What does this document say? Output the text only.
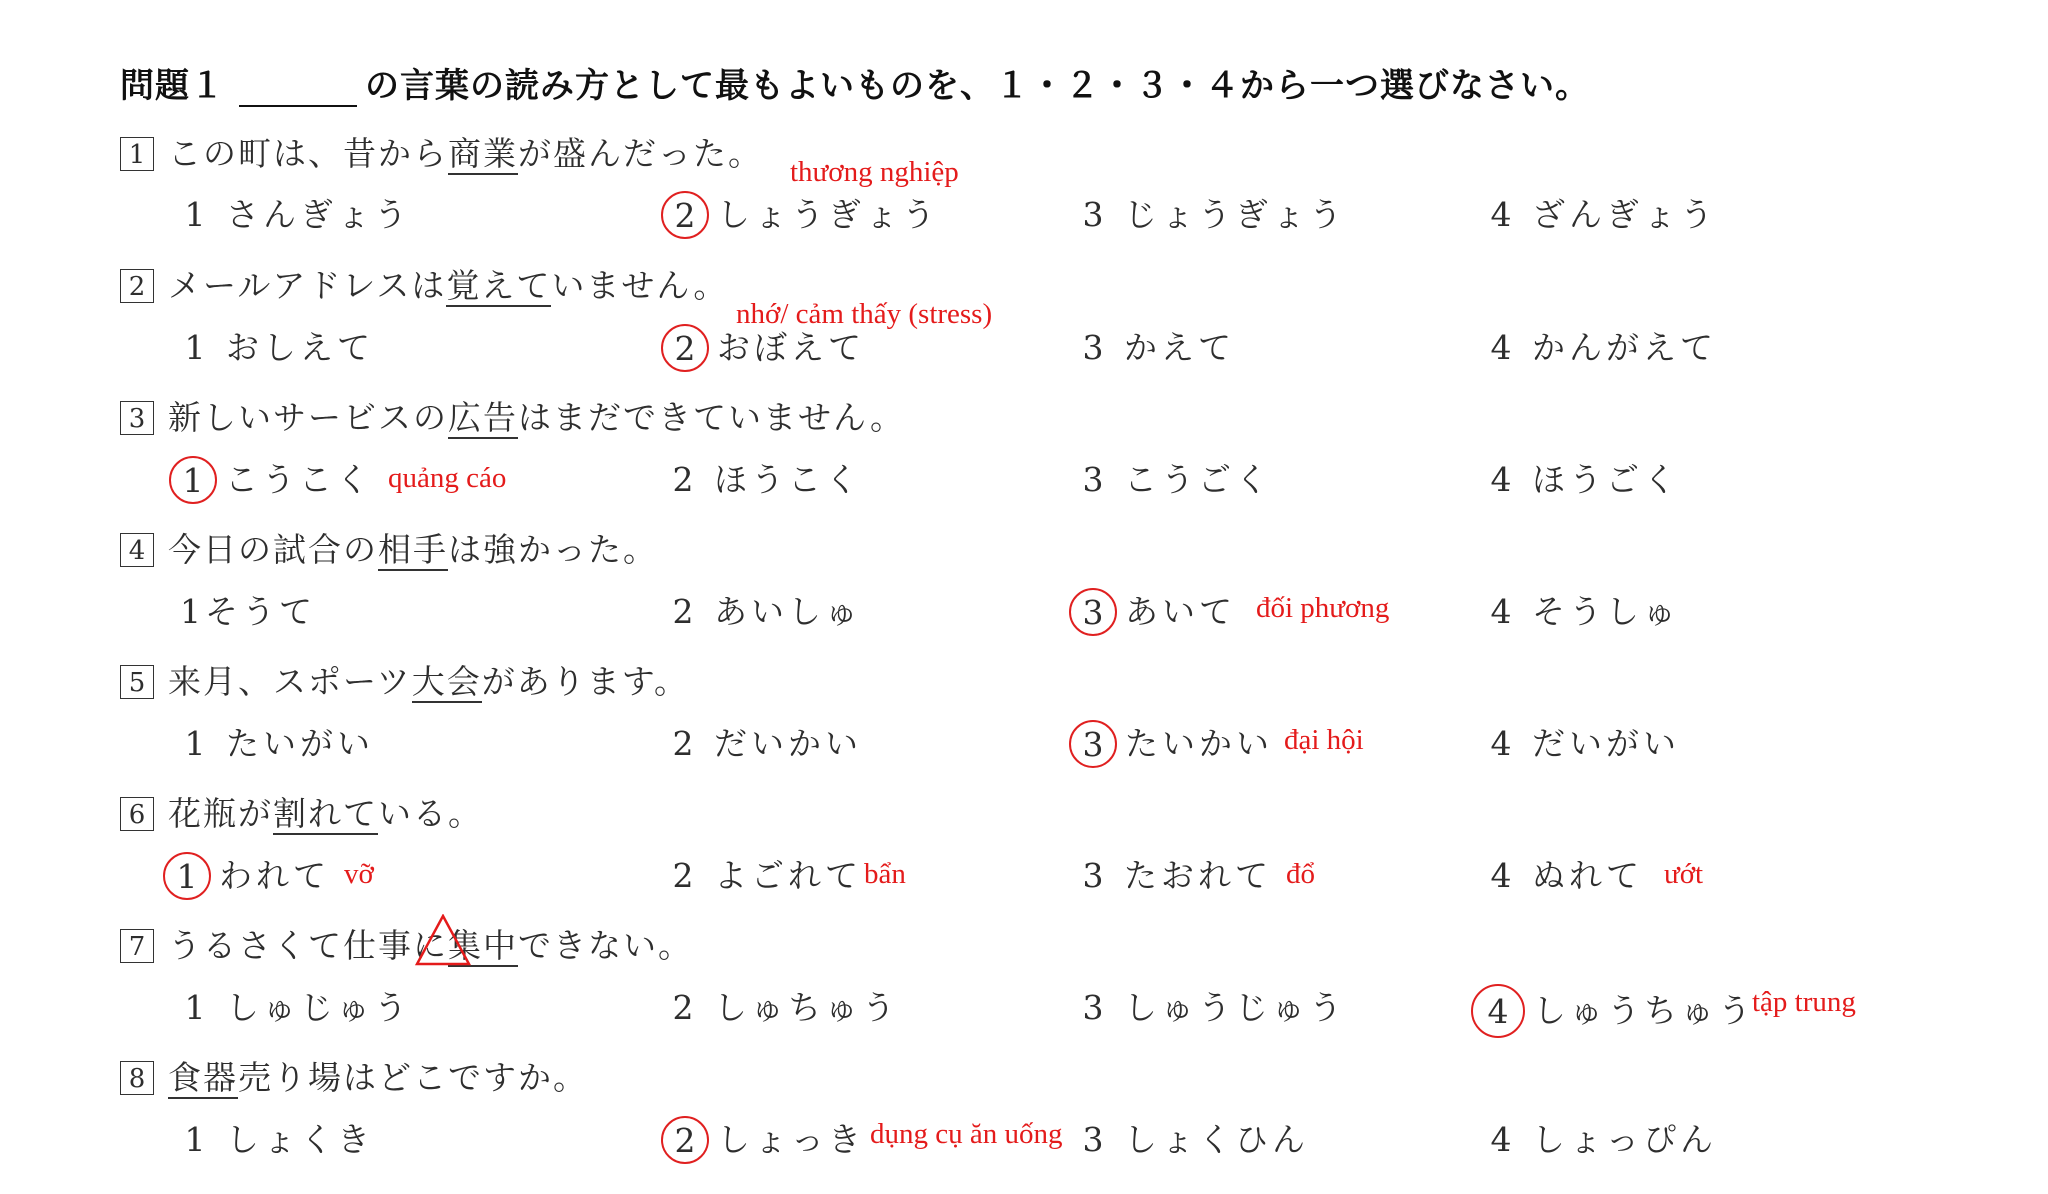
問題１	の言葉の読み方として最もよいものを、１・２・３・４から一つ選びなさい。
1 この町は、昔から商業が盛んだった。
1 さんぎょう	2 しょうぎょう	3 じょうぎょう	4 ざんぎょう
thương nghiệp
2 メールアドレスは覚えていません。
1 おしえて	2 おぼえて	3 かえて	4 かんがえて
nhớ/ cảm thấy (stress)
3 新しいサービスの広告はまだできていません。
1 こうこく	2 ほうこく	3 こうごく	4 ほうごく
quảng cáo
4 今日の試合の相手は強かった。
1そうて	2 あいしゅ	3 あいて	4 そうしゅ
đối phương
5 来月、スポーツ大会があります。
1 たいがい	2 だいかい	3 たいかい	4 だいがい
đại hội
6 花瓶が割れている。
1 われて	2 よごれて	3 たおれて	4 ぬれて
vỡ	bẩn	đổ	ướt
7 うるさくて仕事に集中できない。
1 しゅじゅう	2 しゅちゅう	3 しゅうじゅう	4 しゅうちゅう
tập trung
8 食器売り場はどこですか。
1 しょくき	2 しょっき	3 しょくひん	4 しょっぴん
dụng cụ ăn uống
